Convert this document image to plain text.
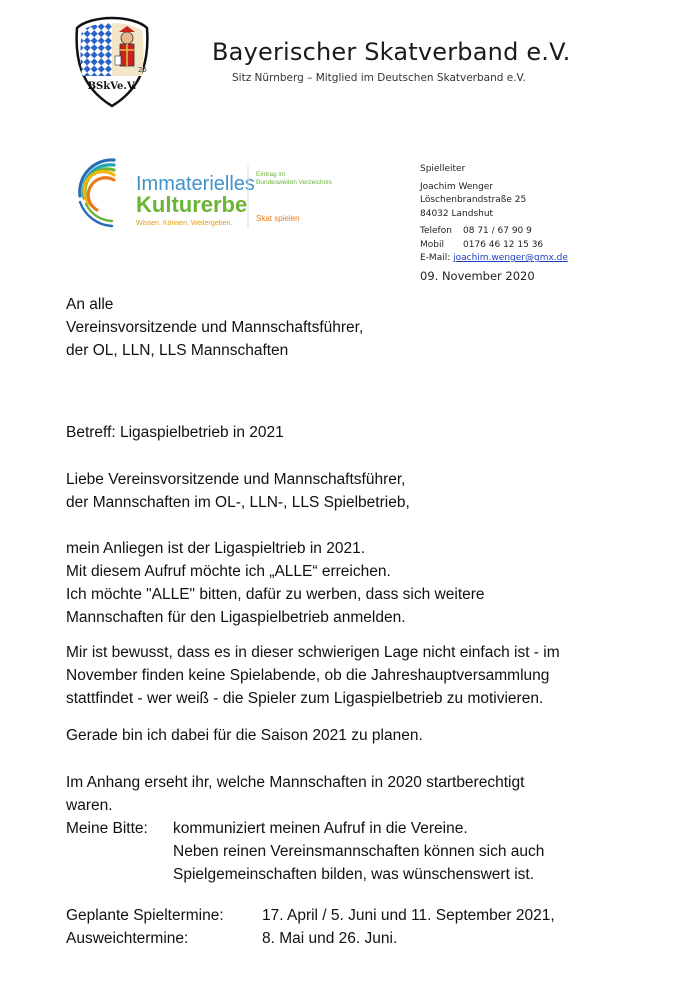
25
BSkVe.V.
Bayerischer Skatverband e.V.
Sitz Nürnberg – Mitglied im Deutschen Skatverband e.V.
Immaterielles
Kulturerbe
Wissen. Können. Weitergeben.
Eintrag im
Bundesweiten Verzeichnis
Skat spielen
Spielleiter
Joachim Wenger
Löschenbrandstraße 25
84032 Landshut
Telefon 08 71 / 67 90 9
Mobil 0176 46 12 15 36
E-Mail: joachim.wenger@gmx.de
09. November 2020
An alle
Vereinsvorsitzende und Mannschaftsführer,
der OL, LLN, LLS Mannschaften
Betreff: Ligaspielbetrieb in 2021
Liebe Vereinsvorsitzende und Mannschaftsführer,
der Mannschaften im OL-, LLN-, LLS Spielbetrieb,
mein Anliegen ist der Ligaspieltrieb in 2021.
Mit diesem Aufruf möchte ich „ALLE“ erreichen.
Ich möchte "ALLE" bitten, dafür zu werben, dass sich weitere
Mannschaften für den Ligaspielbetrieb anmelden.
Mir ist bewusst, dass es in dieser schwierigen Lage nicht einfach ist - im
November finden keine Spielabende, ob die Jahreshauptversammlung
stattfindet - wer weiß - die Spieler zum Ligaspielbetrieb zu motivieren.
Gerade bin ich dabei für die Saison 2021 zu planen.
Im Anhang erseht ihr, welche Mannschaften in 2020 startberechtigt
waren.
Meine Bitte: kommuniziert meinen Aufruf in die Vereine.
Neben reinen Vereinsmannschaften können sich auch
Spielgemeinschaften bilden, was wünschenswert ist.
Geplante Spieltermine: 17. April / 5. Juni und 11. September 2021,
Ausweichtermine:	8. Mai und 26. Juni.
